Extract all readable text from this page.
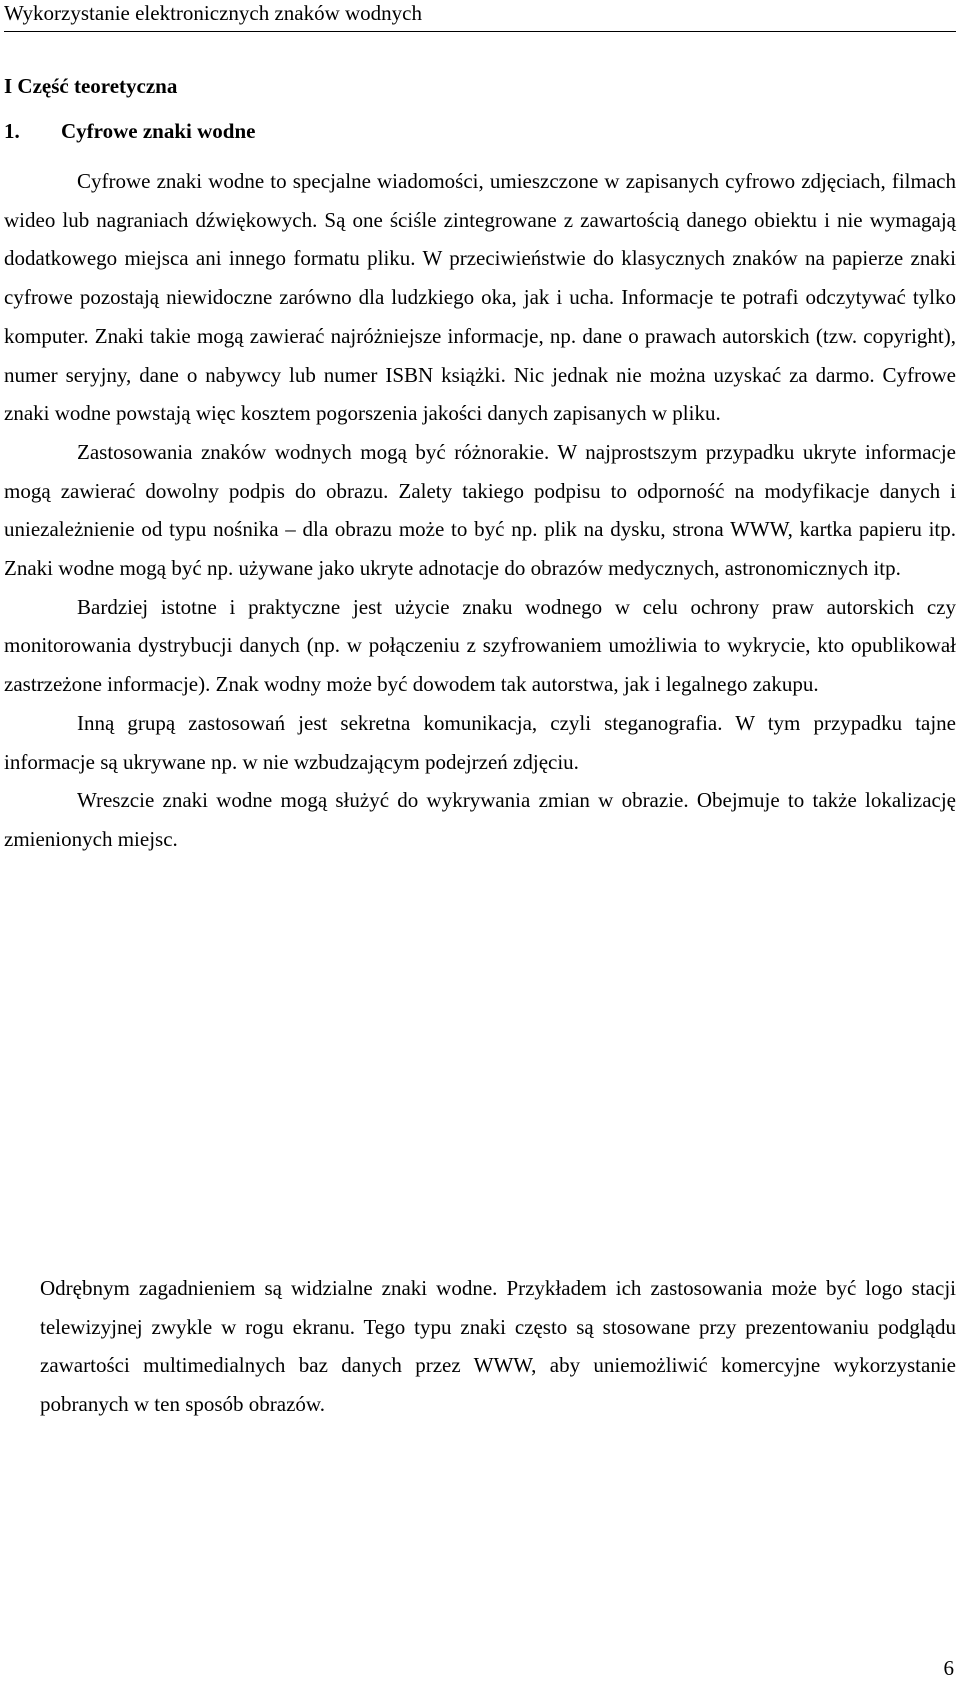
Wykorzystanie elektronicznych znaków wodnych
I Część teoretyczna
1. Cyfrowe znaki wodne

Cyfrowe znaki wodne to specjalne wiadomości, umieszczone w zapisanych cyfrowo zdjęciach, filmach wideo lub nagraniach dźwiękowych. Są one ściśle zintegrowane z zawartością danego obiektu i nie wymagają dodatkowego miejsca ani innego formatu pliku. W przeciwieństwie do klasycznych znaków na papierze znaki cyfrowe pozostają niewidoczne zarówno dla ludzkiego oka, jak i ucha. Informacje te potrafi odczytywać tylko komputer. Znaki takie mogą zawierać najróżniejsze informacje, np. dane o prawach autorskich (tzw. copyright), numer seryjny, dane o nabywcy lub numer ISBN książki. Nic jednak nie można uzyskać za darmo. Cyfrowe znaki wodne powstają więc kosztem pogorszenia jakości danych zapisanych w pliku.

Zastosowania znaków wodnych mogą być różnorakie. W najprostszym przypadku ukryte informacje mogą zawierać dowolny podpis do obrazu. Zalety takiego podpisu to odporność na modyfikacje danych i uniezależnienie od typu nośnika – dla obrazu może to być np. plik na dysku, strona WWW, kartka papieru itp. Znaki wodne mogą być np. używane jako ukryte adnotacje do obrazów medycznych, astronomicznych itp.

Bardziej istotne i praktyczne jest użycie znaku wodnego w celu ochrony praw autorskich czy monitorowania dystrybucji danych (np. w połączeniu z szyfrowaniem umożliwia to wykrycie, kto opublikował zastrzeżone informacje). Znak wodny może być dowodem tak autorstwa, jak i legalnego zakupu.

Inną grupą zastosowań jest sekretna komunikacja, czyli steganografia. W tym przypadku tajne informacje są ukrywane np. w nie wzbudzającym podejrzeń zdjęciu.

Wreszcie znaki wodne mogą służyć do wykrywania zmian w obrazie. Obejmuje to także lokalizację zmienionych miejsc.

Odrębnym zagadnieniem są widzialne znaki wodne. Przykładem ich zastosowania może być logo stacji telewizyjnej zwykle w rogu ekranu. Tego typu znaki często są stosowane przy prezentowaniu podglądu zawartości multimedialnych baz danych przez WWW, aby uniemożliwić komercyjne wykorzystanie pobranych w ten sposób obrazów.

6
